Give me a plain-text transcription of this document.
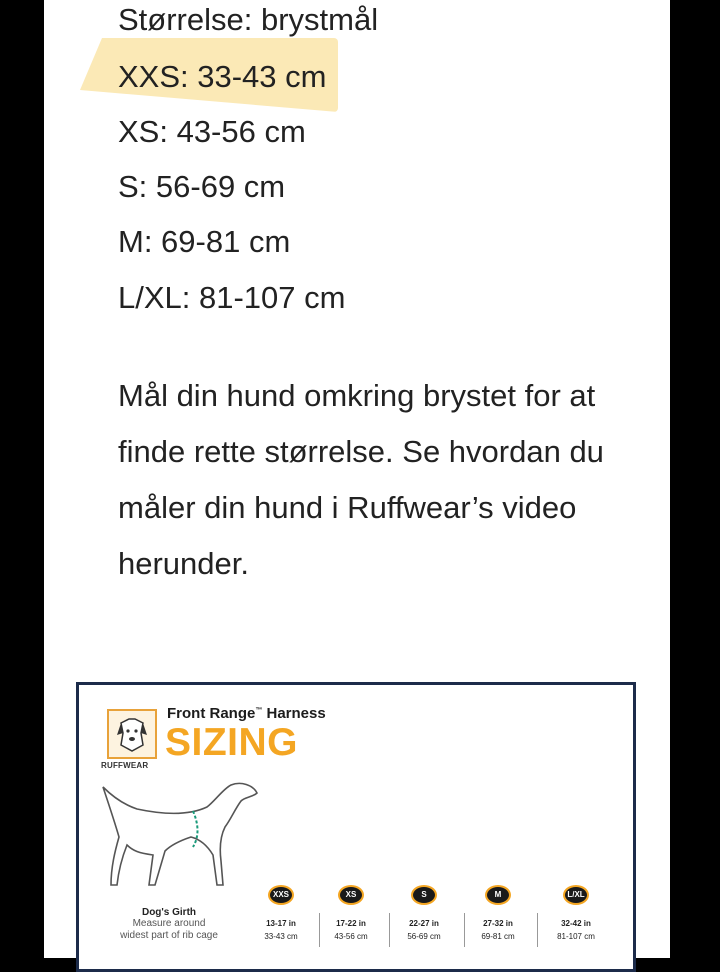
Størrelse: brystmål
XXS: 33-43 cm
XS: 43-56 cm
S: 56-69 cm
M: 69-81 cm
L/XL: 81-107 cm

Mål din hund omkring brystet for at

finde rette størrelse. Se hvordan du

måler din hund i Ruffwear’s video

herunder.

RUFFWEAR
Front Range™ Harness
SIZING
Dog's Girth
Measure around
widest part of rib cage
XXS
13-17 in
33-43 cm
XS
17-22 in
43-56 cm
S
22-27 in
56-69 cm
M
27-32 in
69-81 cm
L/XL
32-42 in
81-107 cm
